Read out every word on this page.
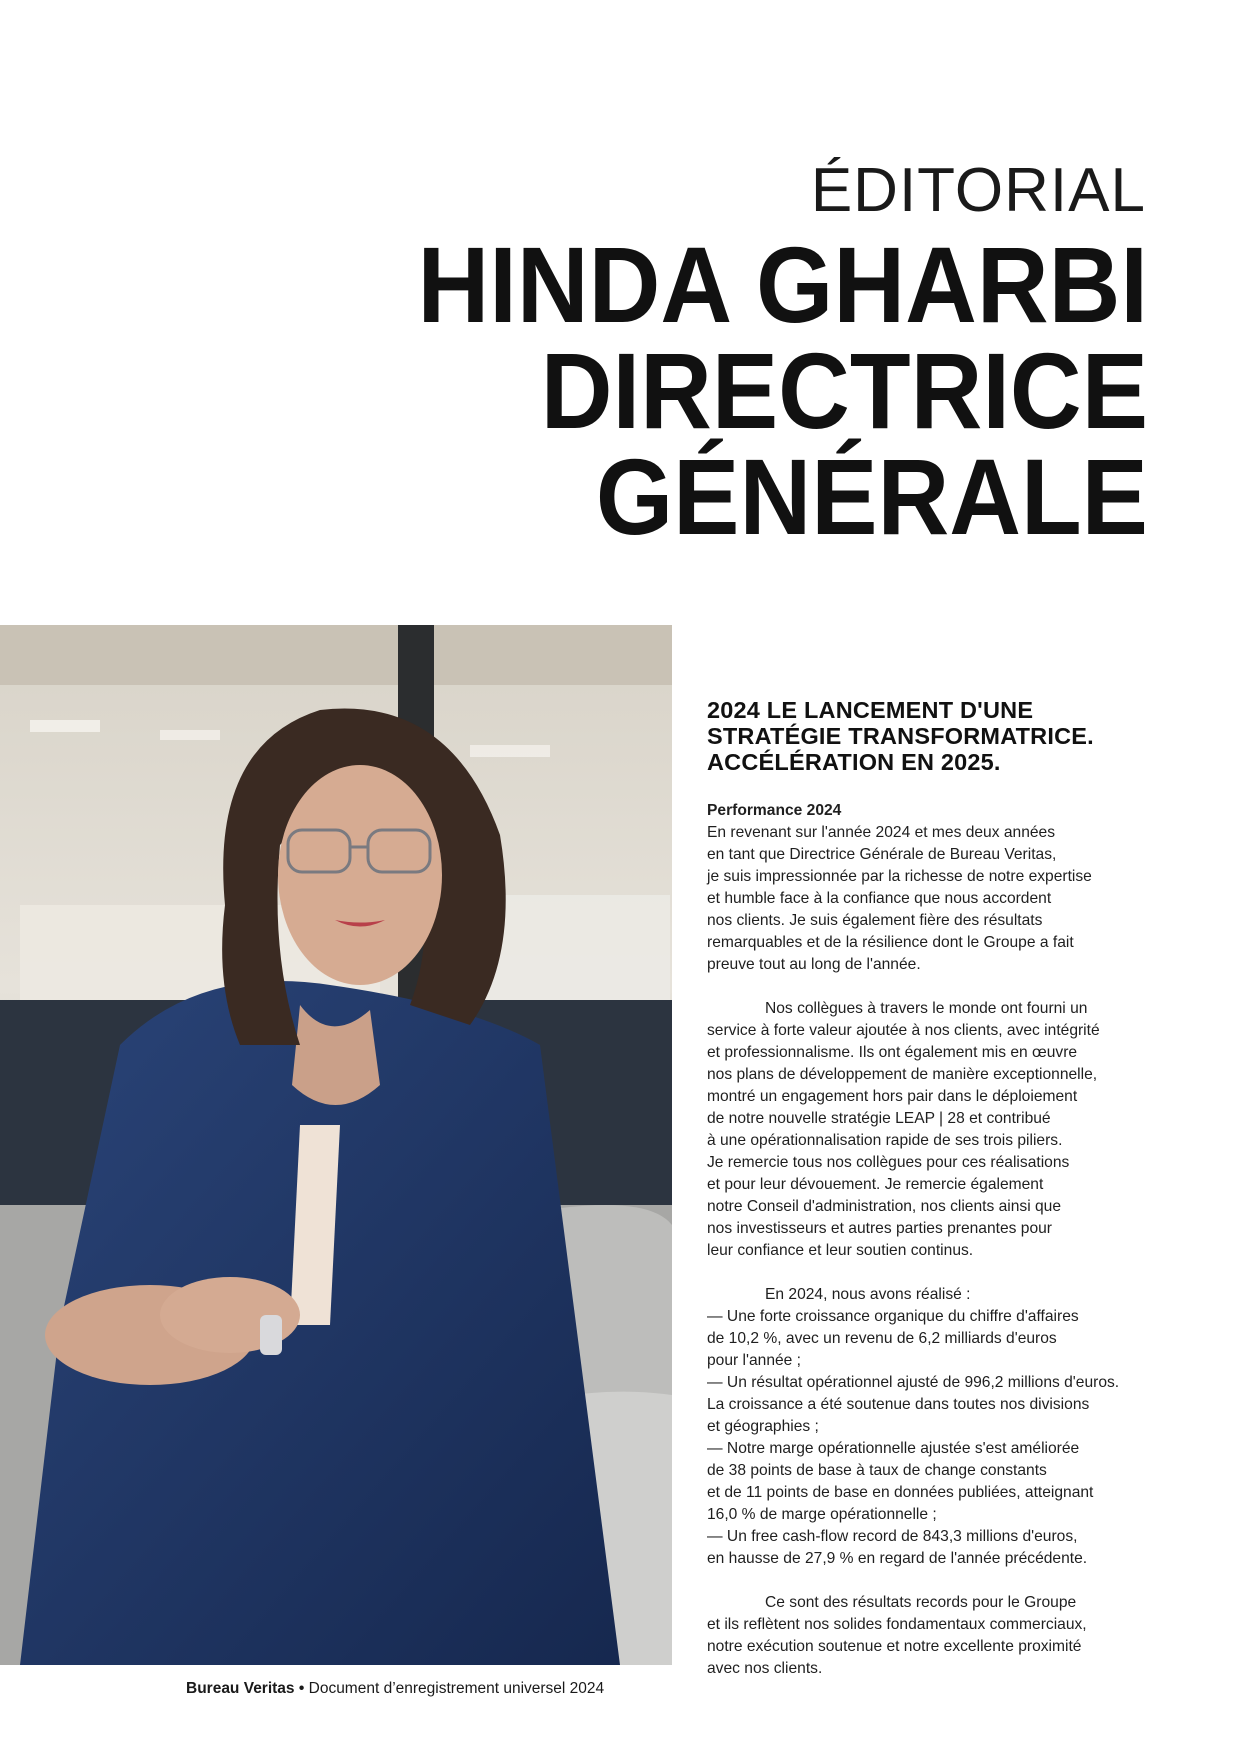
ÉDITORIAL
HINDA GHARBI
DIRECTRICE
GÉNÉRALE
2024 LE LANCEMENT D'UNE
STRATÉGIE TRANSFORMATRICE.
ACCÉLÉRATION EN 2025.

Performance 2024

En revenant sur l'année 2024 et mes deux années
en tant que Directrice Générale de Bureau Veritas,
je suis impressionnée par la richesse de notre expertise
et humble face à la confiance que nous accordent
nos clients. Je suis également fière des résultats
remarquables et de la résilience dont le Groupe a fait
preuve tout au long de l'année.

Nos collègues à travers le monde ont fourni un
service à forte valeur ajoutée à nos clients, avec intégrité
et professionnalisme. Ils ont également mis en œuvre
nos plans de développement de manière exceptionnelle,
montré un engagement hors pair dans le déploiement
de notre nouvelle stratégie LEAP | 28 et contribué
à une opérationnalisation rapide de ses trois piliers.
Je remercie tous nos collègues pour ces réalisations
et pour leur dévouement. Je remercie également
notre Conseil d'administration, nos clients ainsi que
nos investisseurs et autres parties prenantes pour
leur confiance et leur soutien continus.

En 2024, nous avons réalisé :
— Une forte croissance organique du chiffre d'affaires
de 10,2 %, avec un revenu de 6,2 milliards d'euros
pour l'année ;
— Un résultat opérationnel ajusté de 996,2 millions d'euros.
La croissance a été soutenue dans toutes nos divisions
et géographies ;
— Notre marge opérationnelle ajustée s'est améliorée
de 38 points de base à taux de change constants
et de 11 points de base en données publiées, atteignant
16,0 % de marge opérationnelle ;
— Un free cash-flow record de 843,3 millions d'euros,
en hausse de 27,9 % en regard de l'année précédente.

Ce sont des résultats records pour le Groupe
et ils reflètent nos solides fondamentaux commerciaux,
notre exécution soutenue et notre excellente proximité
avec nos clients.

Bureau Veritas • Document d’enregistrement universel 2024
